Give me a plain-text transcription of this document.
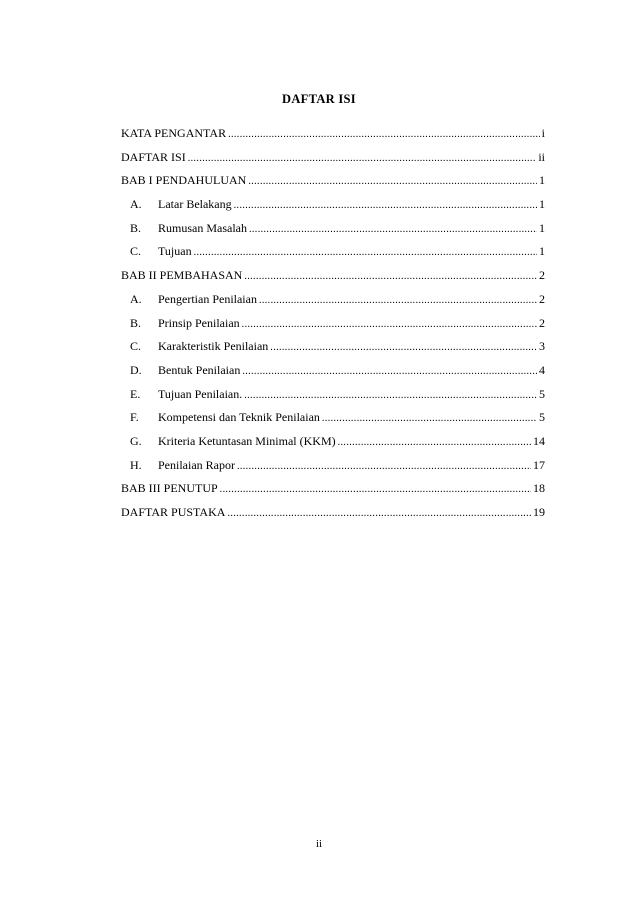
DAFTAR ISI
KATA PENGANTAR .....	i
DAFTAR ISI .....	ii
BAB I PENDAHULUAN .....	1
A.	Latar Belakang .....	1
B.	Rumusan Masalah .....	1
C.	Tujuan .....	1
BAB II PEMBAHASAN .....	2
A.	Pengertian Penilaian .....	2
B.	Prinsip Penilaian .....	2
C.	Karakteristik Penilaian .....	3
D.	Bentuk Penilaian .....	4
E.	Tujuan Penilaian. .....	5
F.	Kompetensi dan Teknik Penilaian .....	5
G.	Kriteria Ketuntasan Minimal (KKM) .....	14
H.	Penilaian Rapor .....	17
BAB III PENUTUP .....	18
DAFTAR PUSTAKA .....	19
ii
